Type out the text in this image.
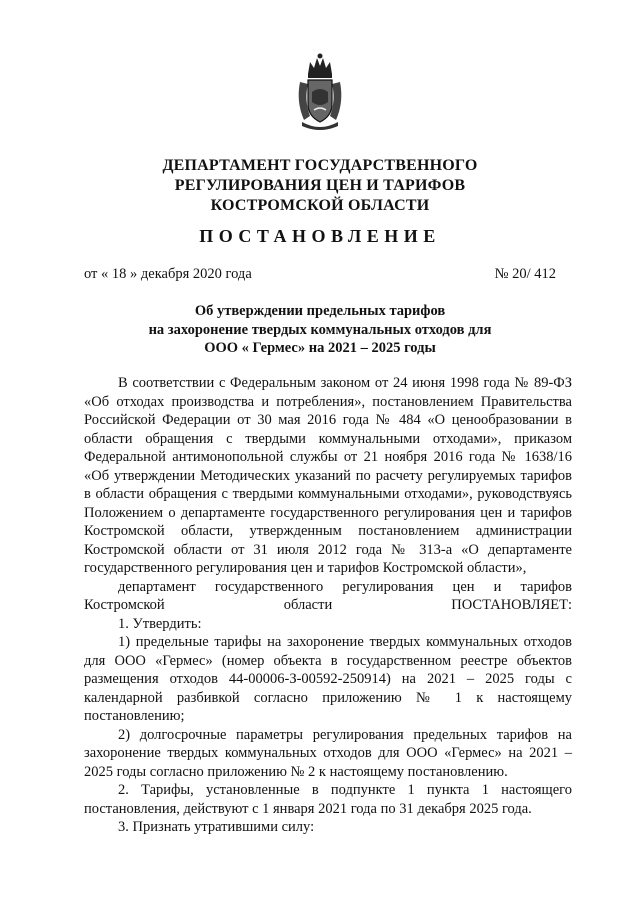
ДЕПАРТАМЕНТ ГОСУДАРСТВЕННОГО
РЕГУЛИРОВАНИЯ ЦЕН И ТАРИФОВ
КОСТРОМСКОЙ ОБЛАСТИ
ПОСТАНОВЛЕНИЕ
от « 18 » декабря 2020 года	№ 20/ 412
Об утверждении предельных тарифов
на захоронение твердых коммунальных отходов для
ООО « Гермес» на 2021 – 2025 годы

В соответствии с Федеральным законом от 24 июня 1998 года № 89-ФЗ «Об отходах производства и потребления», постановлением Правительства Российской Федерации от 30 мая 2016 года № 484 «О ценообразовании в области обращения с твердыми коммунальными отходами», приказом Федеральной антимонопольной службы от 21 ноября 2016 года № 1638/16 «Об утверждении Методических указаний по расчету регулируемых тарифов в области обращения с твердыми коммунальными отходами», руководствуясь Положением о департаменте государственного регулирования цен и тарифов Костромской области, утвержденным постановлением администрации Костромской области от 31 июля 2012 года № 313-а «О департаменте государственного регулирования цен и тарифов Костромской области»,

департамент государственного регулирования цен и тарифов Костромской области ПОСТАНОВЛЯЕТ:

1. Утвердить:

1) предельные тарифы на захоронение твердых коммунальных отходов для ООО «Гермес» (номер объекта в государственном реестре объектов размещения отходов 44-00006-З-00592-250914) на 2021 – 2025 годы с календарной разбивкой согласно приложению № 1 к настоящему постановлению;

2) долгосрочные параметры регулирования предельных тарифов на захоронение твердых коммунальных отходов для ООО «Гермес» на 2021 – 2025 годы согласно приложению № 2 к настоящему постановлению.

2. Тарифы, установленные в подпункте 1 пункта 1 настоящего постановления, действуют с 1 января 2021 года по 31 декабря 2025 года.

3. Признать утратившими силу:
